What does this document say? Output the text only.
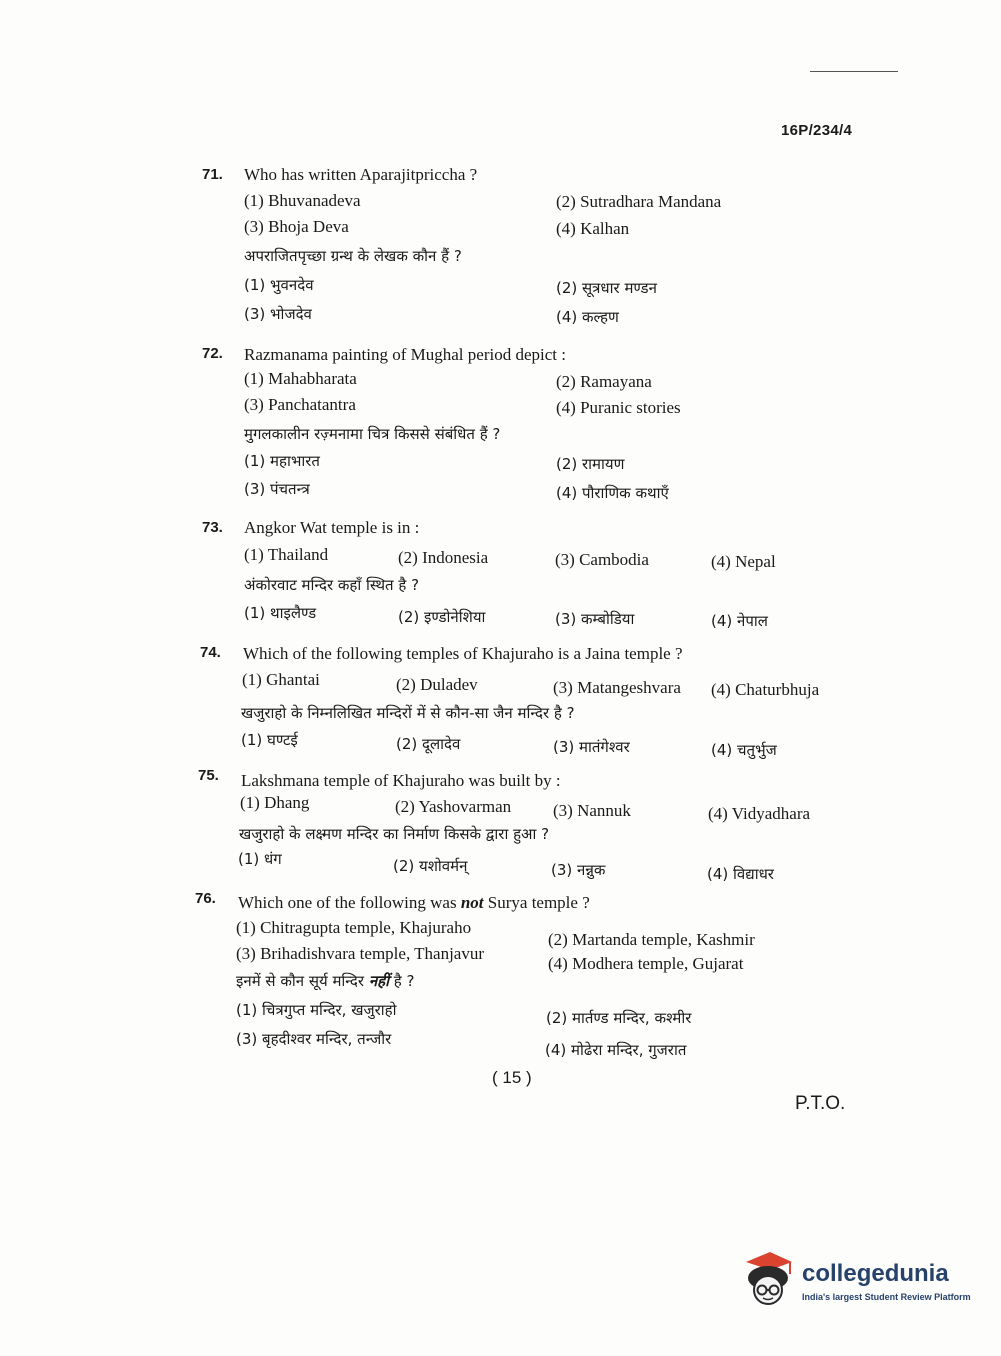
16P/234/4
71. Who has written Aparajitpriccha ?
(1) Bhuvanadeva	(2) Sutradhara Mandana
(3) Bhoja Deva	(4) Kalhan
अपराजितपृच्छा ग्रन्थ के लेखक कौन हैं ?
(1) भुवनदेव	(2) सूत्रधार मण्डन
(3) भोजदेव	(4) कल्हण
72. Razmanama painting of Mughal period depict :
(1) Mahabharata	(2) Ramayana
(3) Panchatantra	(4) Puranic stories
मुगलकालीन रज़्मनामा चित्र किससे संबंधित हैं ?
(1) महाभारत	(2) रामायण
(3) पंचतन्त्र	(4) पौराणिक कथाएँ
73. Angkor Wat temple is in :
(1) Thailand	(2) Indonesia	(3) Cambodia	(4) Nepal
अंकोरवाट मन्दिर कहाँ स्थित है ?
(1) थाइलैण्ड	(2) इण्डोनेशिया	(3) कम्बोडिया	(4) नेपाल
74. Which of the following temples of Khajuraho is a Jaina temple ?
(1) Ghantai	(2) Duladev	(3) Matangeshvara (4) Chaturbhuja
खजुराहो के निम्नलिखित मन्दिरों में से कौन-सा जैन मन्दिर है ?
(1) घण्टई	(2) दूलादेव	(3) मातंगेश्वर	(4) चतुर्भुज
75. Lakshmana temple of Khajuraho was built by :
(1) Dhang	(2) Yashovarman (3) Nannuk	(4) Vidyadhara
खजुराहो के लक्ष्मण मन्दिर का निर्माण किसके द्वारा हुआ ?
(1) धंग	(2) यशोवर्मन्	(3) नन्नुक	(4) विद्याधर
76. Which one of the following was not Surya temple ?
(1) Chitragupta temple, Khajuraho
(2) Martanda temple, Kashmir
(3) Brihadishvara temple, Thanjavur
(4) Modhera temple, Gujarat
इनमें से कौन सूर्य मन्दिर नहीं है ?
(1) चित्रगुप्त मन्दिर, खजुराहो	(2) मार्तण्ड मन्दिर, कश्मीर
(3) बृहदीश्वर मन्दिर, तन्जौर
(4) मोढेरा मन्दिर, गुजरात
( 15 )
P.T.O.
collegedunia
India's largest Student Review Platform
